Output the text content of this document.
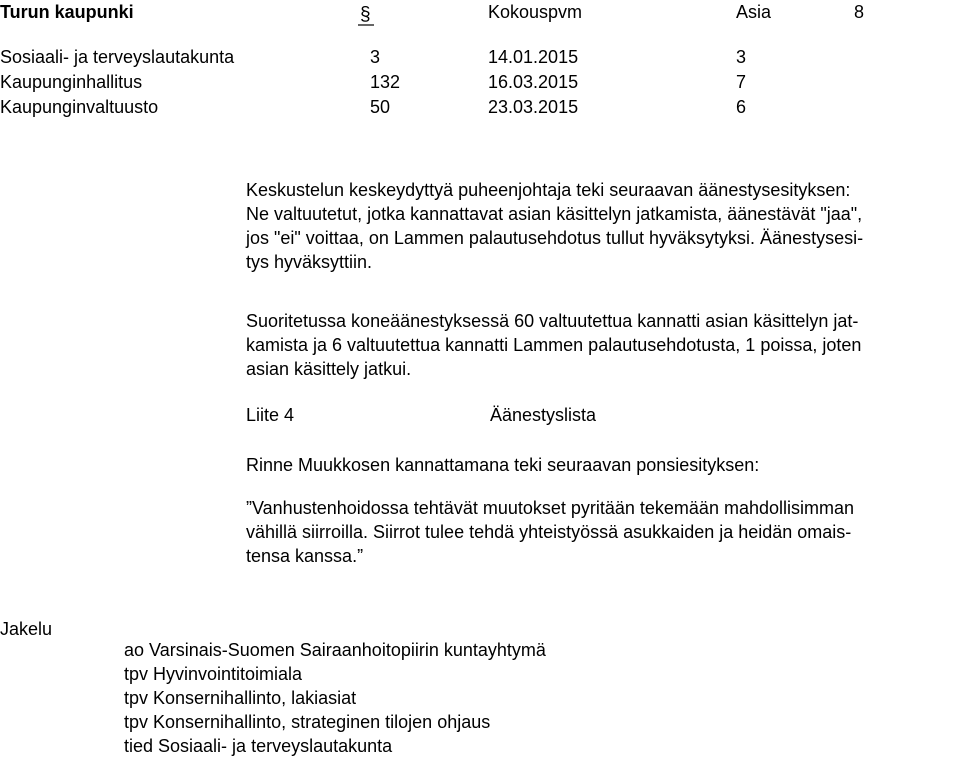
Turun kaupunki	§	Kokouspvm	Asia	8
Sosiaali- ja terveyslautakunta	3	14.01.2015	3
Kaupunginhallitus	132	16.03.2015	7
Kaupunginvaltuusto	50	23.03.2015	6
Keskustelun keskeydyttyä puheenjohtaja teki seuraavan äänestysesityksen:
Ne valtuutetut, jotka kannattavat asian käsittelyn jatkamista, äänestävät "jaa",
jos "ei" voittaa, on Lammen palautusehdotus tullut hyväksytyksi. Äänestysesi-
tys hyväksyttiin.
Suoritetussa koneäänestyksessä 60 valtuutettua kannatti asian käsittelyn jat-
kamista ja 6 valtuutettua kannatti Lammen palautusehdotusta, 1 poissa, joten
asian käsittely jatkui.
Liite 4	Äänestyslista
Rinne Muukkosen kannattamana teki seuraavan ponsiesityksen:
”Vanhustenhoidossa tehtävät muutokset pyritään tekemään mahdollisimman
vähillä siirroilla. Siirrot tulee tehdä yhteistyössä asukkaiden ja heidän omais-
tensa kanssa.”
Jakelu
ao Varsinais-Suomen Sairaanhoitopiirin kuntayhtymä
tpv Hyvinvointitoimiala
tpv Konsernihallinto, lakiasiat
tpv Konsernihallinto, strateginen tilojen ohjaus
tied Sosiaali- ja terveyslautakunta
